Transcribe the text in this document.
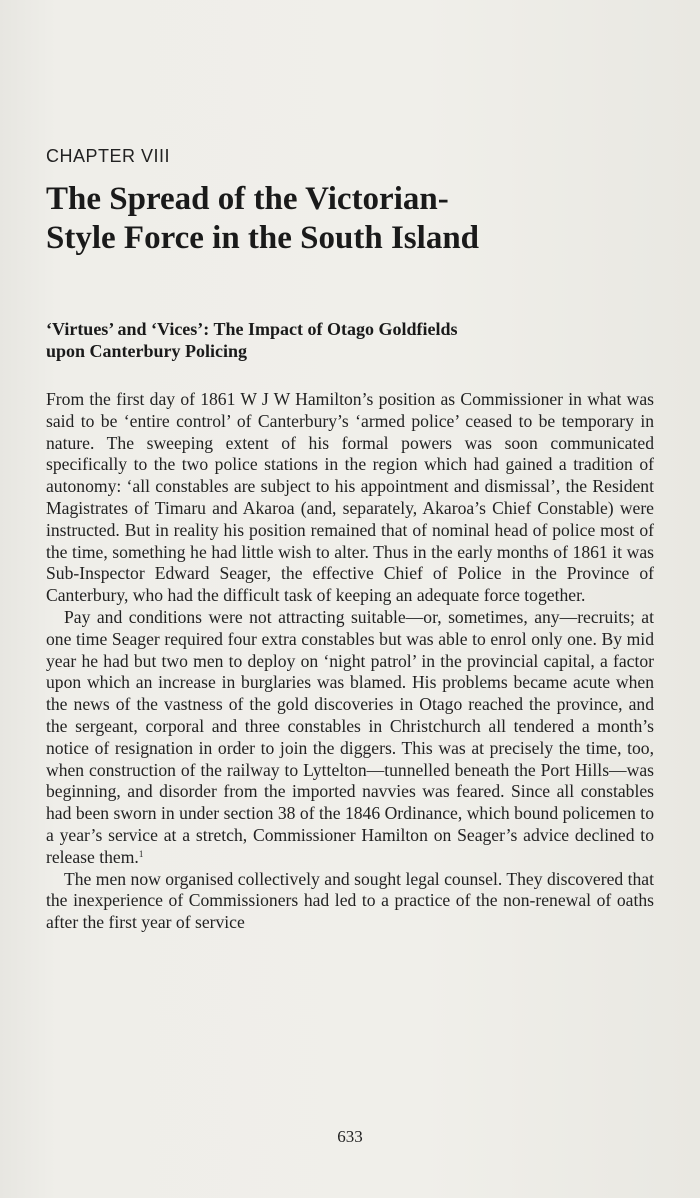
CHAPTER VIII
The Spread of the Victorian-
Style Force in the South Island
‘Virtues’ and ‘Vices’: The Impact of Otago Goldfields
upon Canterbury Policing

From the first day of 1861 W J W Hamilton’s position as Commissioner in what was said to be ‘entire control’ of Canterbury’s ‘armed police’ ceased to be temporary in nature. The sweeping extent of his formal powers was soon communicated specifically to the two police stations in the region which had gained a tradition of autonomy: ‘all constables are subject to his appointment and dismissal’, the Resident Magistrates of Timaru and Akaroa (and, separately, Akaroa’s Chief Constable) were instructed. But in reality his position remained that of nominal head of police most of the time, something he had little wish to alter. Thus in the early months of 1861 it was Sub-Inspector Edward Seager, the effective Chief of Police in the Province of Canterbury, who had the difficult task of keeping an adequate force together.

Pay and conditions were not attracting suitable—or, sometimes, any—recruits; at one time Seager required four extra constables but was able to enrol only one. By mid year he had but two men to deploy on ‘night patrol’ in the provincial capital, a factor upon which an increase in burglaries was blamed. His problems became acute when the news of the vastness of the gold discoveries in Otago reached the province, and the sergeant, corporal and three constables in Christchurch all tendered a month’s notice of resignation in order to join the diggers. This was at precisely the time, too, when construction of the railway to Lyttelton—tunnelled beneath the Port Hills—was beginning, and disorder from the imported navvies was feared. Since all constables had been sworn in under section 38 of the 1846 Ordinance, which bound policemen to a year’s service at a stretch, Commissioner Hamilton on Seager’s advice declined to release them.$^1$

The men now organised collectively and sought legal counsel. They discovered that the inexperience of Commissioners had led to a practice of the non-renewal of oaths after the first year of service

633
